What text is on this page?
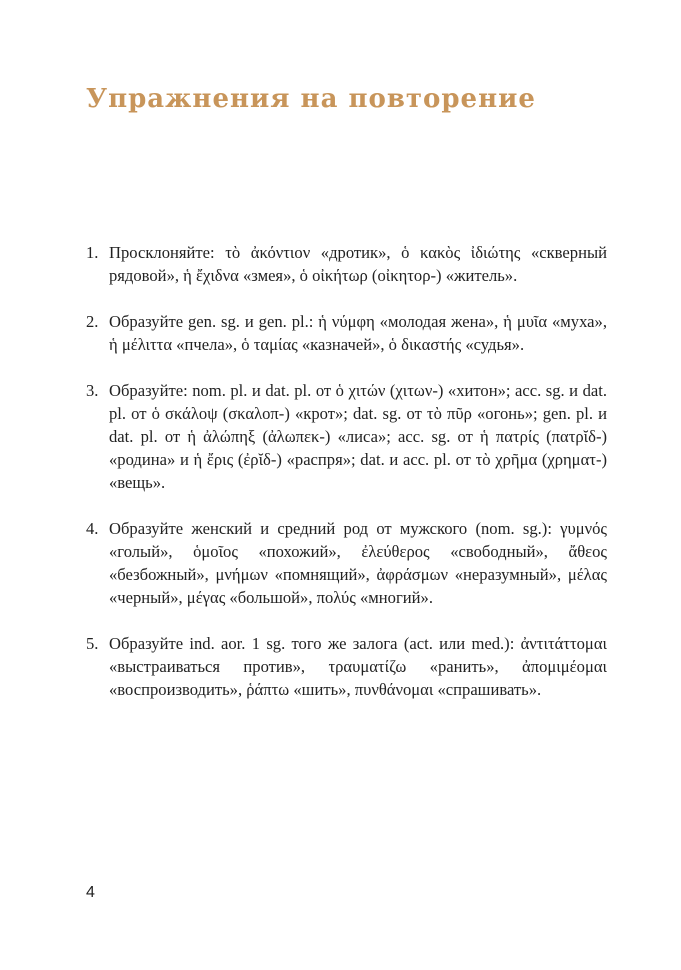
Упражнения на повторение
1. Просклоняйте: τὸ ἀκόντιον «дротик», ὁ κακὸς ἰδιώτης «скверный рядовой», ἡ ἔχιδνα «змея», ὁ οἰκήτωρ (οἰκητορ-) «житель».
2. Образуйте gen. sg. и gen. pl.: ἡ νύμφη «молодая жена», ἡ μυῖα «муха», ἡ μέλιττα «пчела», ὁ ταμίας «казначей», ὁ δικαστής «судья».
3. Образуйте: nom. pl. и dat. pl. от ὁ χιτών (χιτων-) «хитон»; acc. sg. и dat. pl. от ὁ σκάλοψ (σκαλοπ-) «крот»; dat. sg. от τὸ πῦρ «огонь»; gen. pl. и dat. pl. от ἡ ἀλώπηξ (ἀλωπεκ-) «лиса»; acc. sg. от ἡ πατρίς (πατρῐδ-) «родина» и ἡ ἔρις (ἐρῐδ-) «распря»; dat. и acc. pl. от τὸ χρῆμα (χρηματ-) «вещь».
4. Образуйте женский и средний род от мужского (nom. sg.): γυμνός «голый», ὁμοῖος «похожий», ἐλεύθερος «свободный», ἄθεος «безбожный», μνήμων «помнящий», ἀφράσμων «неразумный», μέλας «черный», μέγας «большой», πολύς «многий».
5. Образуйте ind. aor. 1 sg. того же залога (act. или med.): ἀντιτάττομαι «выстраиваться против», τραυματίζω «ранить», ἀπομιμέομαι «воспроизводить», ῥάπτω «шить», πυνθάνομαι «спрашивать».
4
